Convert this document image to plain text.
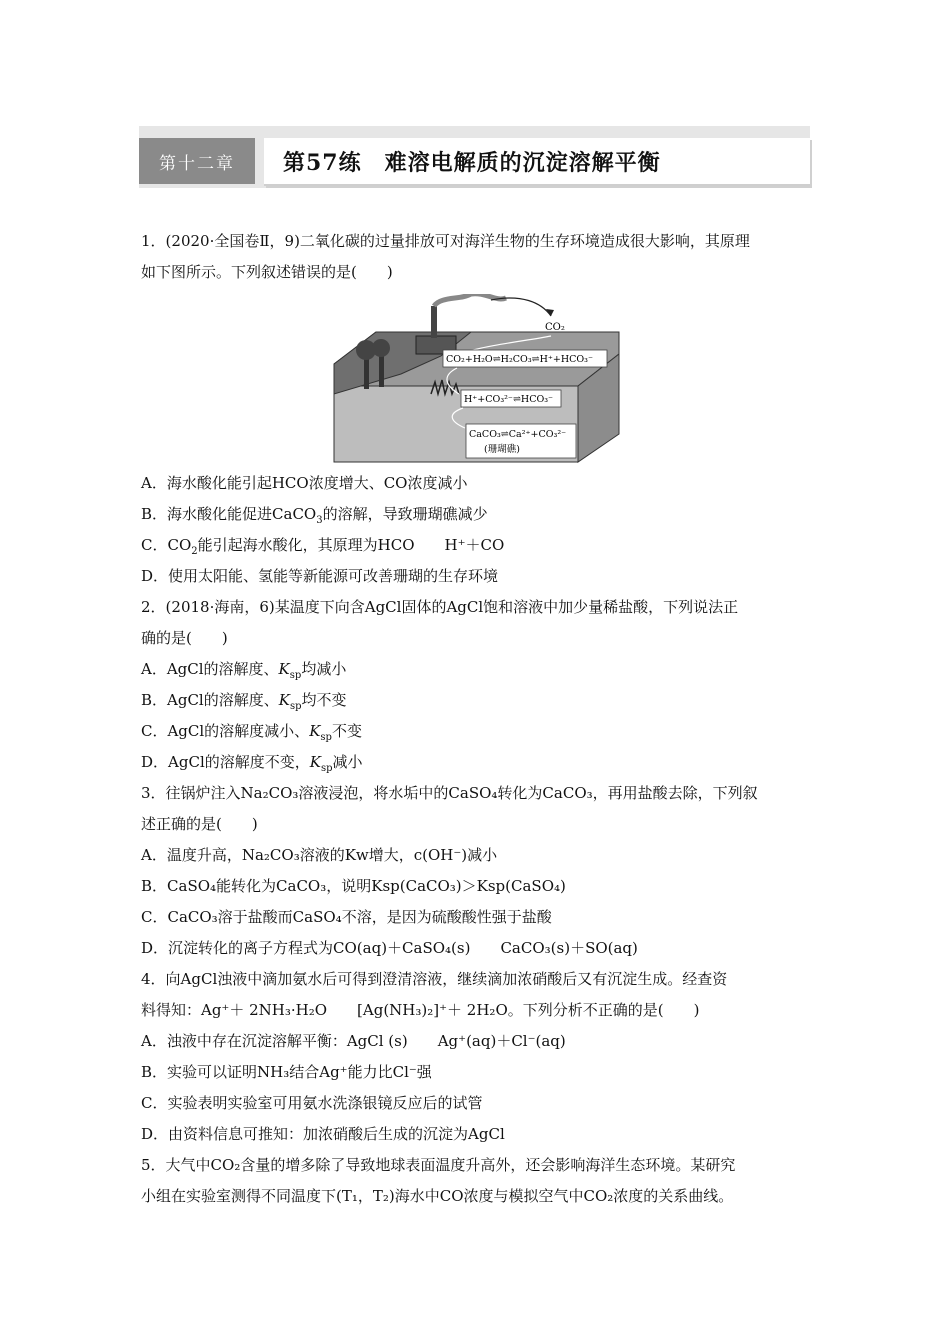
第十二章	第57练　难溶电解质的沉淀溶解平衡
1．(2020·全国卷Ⅱ，9)二氧化碳的过量排放可对海洋生物的生存环境造成很大影响，其原理
如下图所示。下列叙述错误的是(　　)
CO₂
CO₂+H₂O⇌H₂CO₃⇌H⁺+HCO₃⁻
H⁺+CO₃²⁻⇌HCO₃⁻
CaCO₃⇌Ca²⁺+CO₃²⁻
(珊瑚礁)
A．海水酸化能引起HCO浓度增大、CO浓度减小
B．海水酸化能促进CaCO$_3$的溶解，导致珊瑚礁减少
C．$CO_2$能引起海水酸化，其原理为HCO　　H⁺＋CO
D．使用太阳能、氢能等新能源可改善珊瑚的生存环境
2．(2018·海南，6)某温度下向含AgCl固体的AgCl饱和溶液中加少量稀盐酸，下列说法正
确的是(　　)
A．AgCl的溶解度、$K_{sp}$均减小
B．AgCl的溶解度、$K_{sp}$均不变
C．AgCl的溶解度减小、$K_{sp}$不变
D．AgCl的溶解度不变，$K_{sp}$减小
3．往锅炉注入Na₂CO₃溶液浸泡，将水垢中的CaSO₄转化为CaCO₃，再用盐酸去除，下列叙
述正确的是(　　)
A．温度升高，Na₂CO₃溶液的Kw增大，c(OH⁻)减小
B．CaSO₄能转化为CaCO₃，说明Ksp(CaCO₃)＞Ksp(CaSO₄)
C．CaCO₃溶于盐酸而CaSO₄不溶，是因为硫酸酸性强于盐酸
D．沉淀转化的离子方程式为CO(aq)＋CaSO₄(s)　　CaCO₃(s)＋SO(aq)
4．向AgCl浊液中滴加氨水后可得到澄清溶液，继续滴加浓硝酸后又有沉淀生成。经查资
料得知：Ag⁺＋ 2NH₃·H₂O　　[Ag(NH₃)₂]⁺＋ 2H₂O。下列分析不正确的是(　　)
A．浊液中存在沉淀溶解平衡：AgCl (s)　　Ag⁺(aq)＋Cl⁻(aq)
B．实验可以证明NH₃结合Ag⁺能力比Cl⁻强
C．实验表明实验室可用氨水洗涤银镜反应后的试管
D．由资料信息可推知：加浓硝酸后生成的沉淀为AgCl
5．大气中CO₂含量的增多除了导致地球表面温度升高外，还会影响海洋生态环境。某研究
小组在实验室测得不同温度下(T₁，T₂)海水中CO浓度与模拟空气中CO₂浓度的关系曲线。
